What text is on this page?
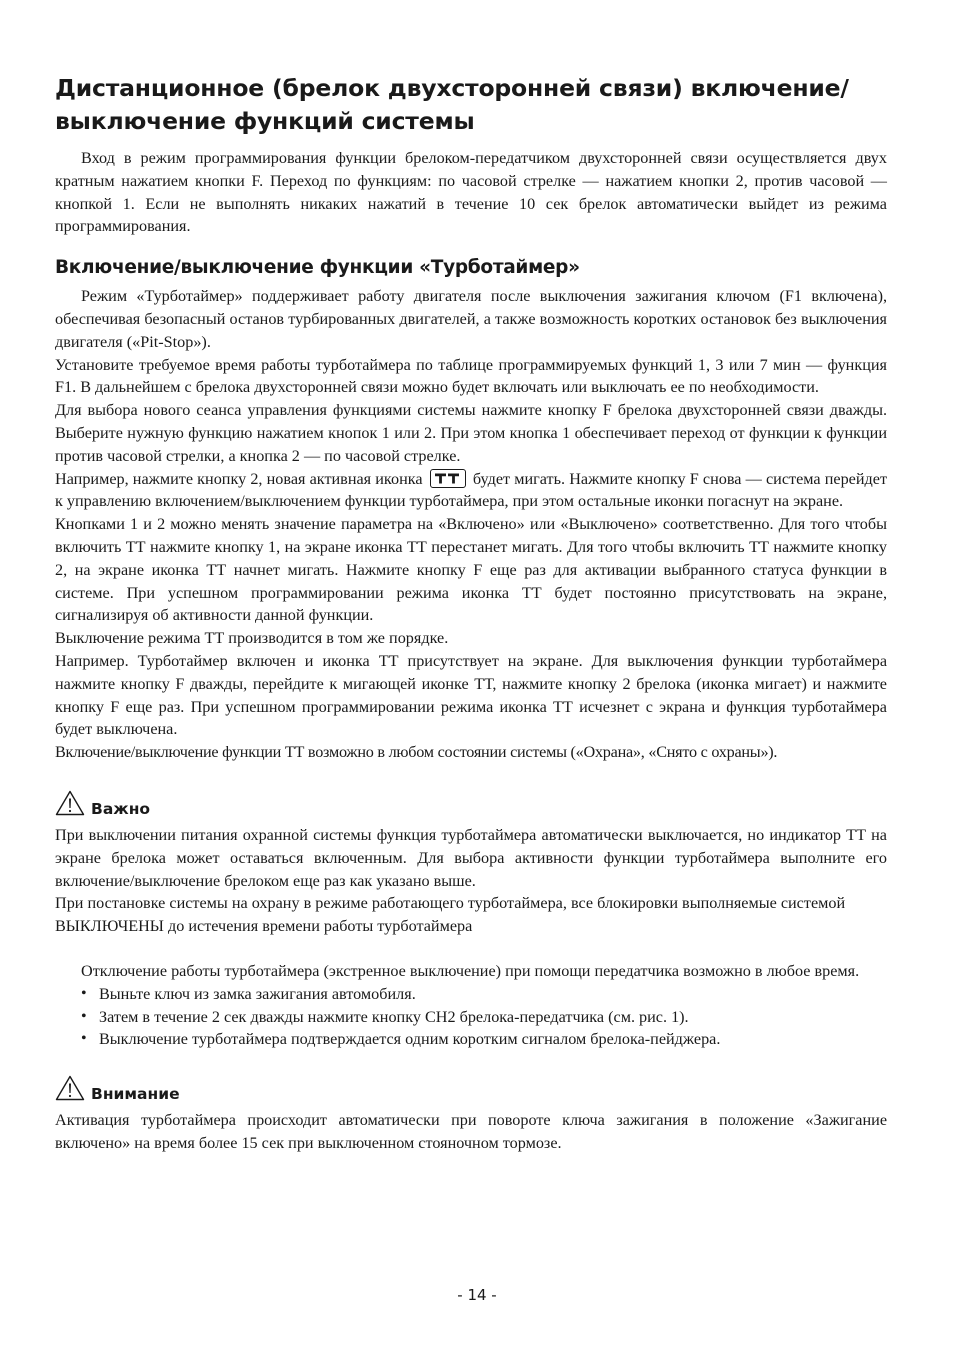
Дистанционное (брелок двухсторонней связи) включение/выключение функций системы

Вход в режим программирования функции брелоком-передатчиком двухсторонней связи осуществляется двух кратным нажатием кнопки F. Переход по функциям: по часовой стрелке — нажатием кнопки 2, против часовой — кнопкой 1. Если не выполнять никаких нажатий в течение 10 сек брелок автоматически выйдет из режима программирования.

Включение/выключение функции «Турботаймер»

Режим «Турботаймер» поддерживает работу двигателя после выключения зажигания ключом (F1 включена), обеспечивая безопасный останов турбированных двигателей, а также возможность коротких остановок без выключения двигателя («Pit-Stop»).

Установите требуемое время работы турботаймера по таблице программируемых функций 1, 3 или 7 мин — функция F1. В дальнейшем с брелока двухсторонней связи можно будет включать или выключать ее по необходимости.

Для выбора нового сеанса управления функциями системы нажмите кнопку F брелока двухсторонней связи дважды. Выберите нужную функцию нажатием кнопок 1 или 2. При этом кнопка 1 обеспечивает переход от функции к функции против часовой стрелки, а кнопка 2 — по часовой стрелке.

Например, нажмите кнопку 2, новая активная иконка	будет мигать. Нажмите кнопку F снова — система перейдет к управлению включением/выключением функции турботаймера, при этом остальные иконки погаснут на экране.

Кнопками 1 и 2 можно менять значение параметра на «Включено» или «Выключено» соответственно. Для того чтобы включить ТТ нажмите кнопку 1, на экране иконка ТТ перестанет мигать. Для того чтобы включить ТТ нажмите кнопку 2, на экране иконка ТТ начнет мигать. Нажмите кнопку F еще раз для активации выбранного статуса функции в системе. При успешном программировании режима иконка ТТ будет постоянно присутствовать на экране, сигнализируя об активности данной функции.

Выключение режима ТТ производится в том же порядке.

Например. Турботаймер включен и иконка ТТ присутствует на экране. Для выключения функции турботаймера нажмите кнопку F дважды, перейдите к мигающей иконке ТТ, нажмите кнопку 2 брелока (иконка мигает) и нажмите кнопку F еще раз. При успешном программировании режима иконка ТТ исчезнет с экрана и функция турботаймера будет выключена.

Включение/выключение функции ТТ возможно в любом состоянии системы («Охрана», «Снято с охраны»).

Важно

При выключении питания охранной системы функция турботаймера автоматически выключается, но индикатор ТТ на экране брелока может оставаться включенным. Для выбора активности функции турботаймера выполните его включение/выключение брелоком еще раз как указано выше.

При постановке системы на охрану в режиме работающего турботаймера, все блокировки выполняемые системой ВЫКЛЮЧЕНЫ до истечения времени работы турботаймера

Отключение работы турботаймера (экстренное выключение) при помощи передатчика возможно в любое время.

• Выньте ключ из замка зажигания автомобиля.
• Затем в течение 2 сек дважды нажмите кнопку CH2 брелока-передатчика (см. рис. 1).
• Выключение турботаймера подтверждается одним коротким сигналом брелока-пейджера.
Внимание

Активация турботаймера происходит автоматически при повороте ключа зажигания в положение «Зажигание включено» на время более 15 сек при выключенном стояночном тормозе.

- 14 -
